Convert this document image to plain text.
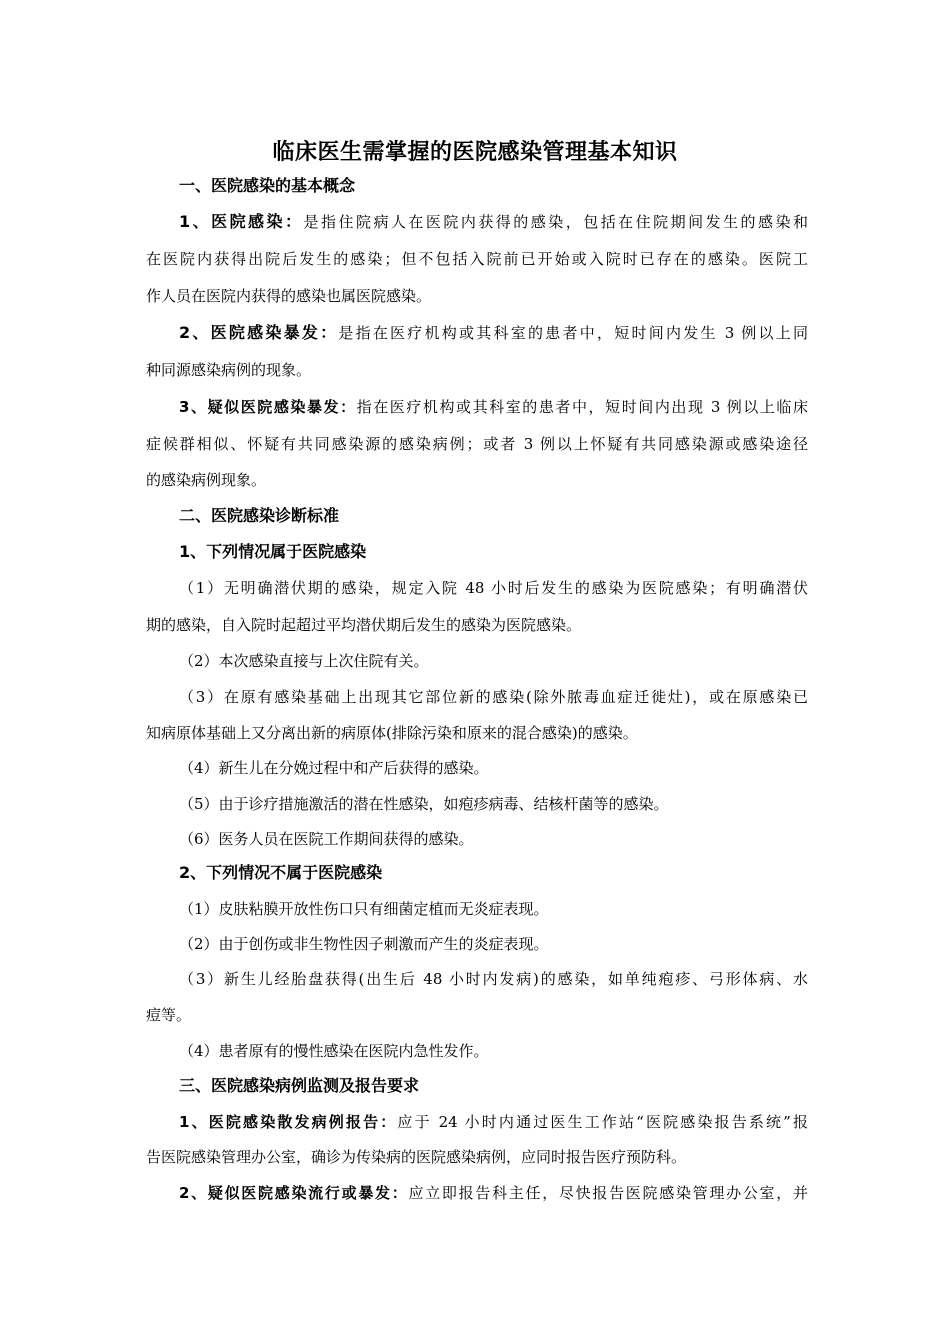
临床医生需掌握的医院感染管理基本知识
一、医院感染的基本概念
1、医院感染：是指住院病人在医院内获得的感染，包括在住院期间发生的感染和
在医院内获得出院后发生的感染；但不包括入院前已开始或入院时已存在的感染。医院工
作人员在医院内获得的感染也属医院感染。
2、医院感染暴发：是指在医疗机构或其科室的患者中，短时间内发生 3 例以上同
种同源感染病例的现象。
3、疑似医院感染暴发：指在医疗机构或其科室的患者中，短时间内出现 3 例以上临床
症候群相似、怀疑有共同感染源的感染病例；或者 3 例以上怀疑有共同感染源或感染途径
的感染病例现象。
二、医院感染诊断标准
1、下列情况属于医院感染
（1）无明确潜伏期的感染，规定入院 48 小时后发生的感染为医院感染；有明确潜伏
期的感染，自入院时起超过平均潜伏期后发生的感染为医院感染。
（2）本次感染直接与上次住院有关。
（3）在原有感染基础上出现其它部位新的感染(除外脓毒血症迁徙灶)，或在原感染已
知病原体基础上又分离出新的病原体(排除污染和原来的混合感染)的感染。
（4）新生儿在分娩过程中和产后获得的感染。
（5）由于诊疗措施激活的潜在性感染，如疱疹病毒、结核杆菌等的感染。
（6）医务人员在医院工作期间获得的感染。
2、下列情况不属于医院感染
（1）皮肤粘膜开放性伤口只有细菌定植而无炎症表现。
（2）由于创伤或非生物性因子刺激而产生的炎症表现。
（3）新生儿经胎盘获得(出生后 48 小时内发病)的感染，如单纯疱疹、弓形体病、水
痘等。
（4）患者原有的慢性感染在医院内急性发作。
三、医院感染病例监测及报告要求
1、医院感染散发病例报告：应于 24 小时内通过医生工作站“医院感染报告系统”报
告医院感染管理办公室，确诊为传染病的医院感染病例，应同时报告医疗预防科。
2、疑似医院感染流行或暴发：应立即报告科主任，尽快报告医院感染管理办公室，并
